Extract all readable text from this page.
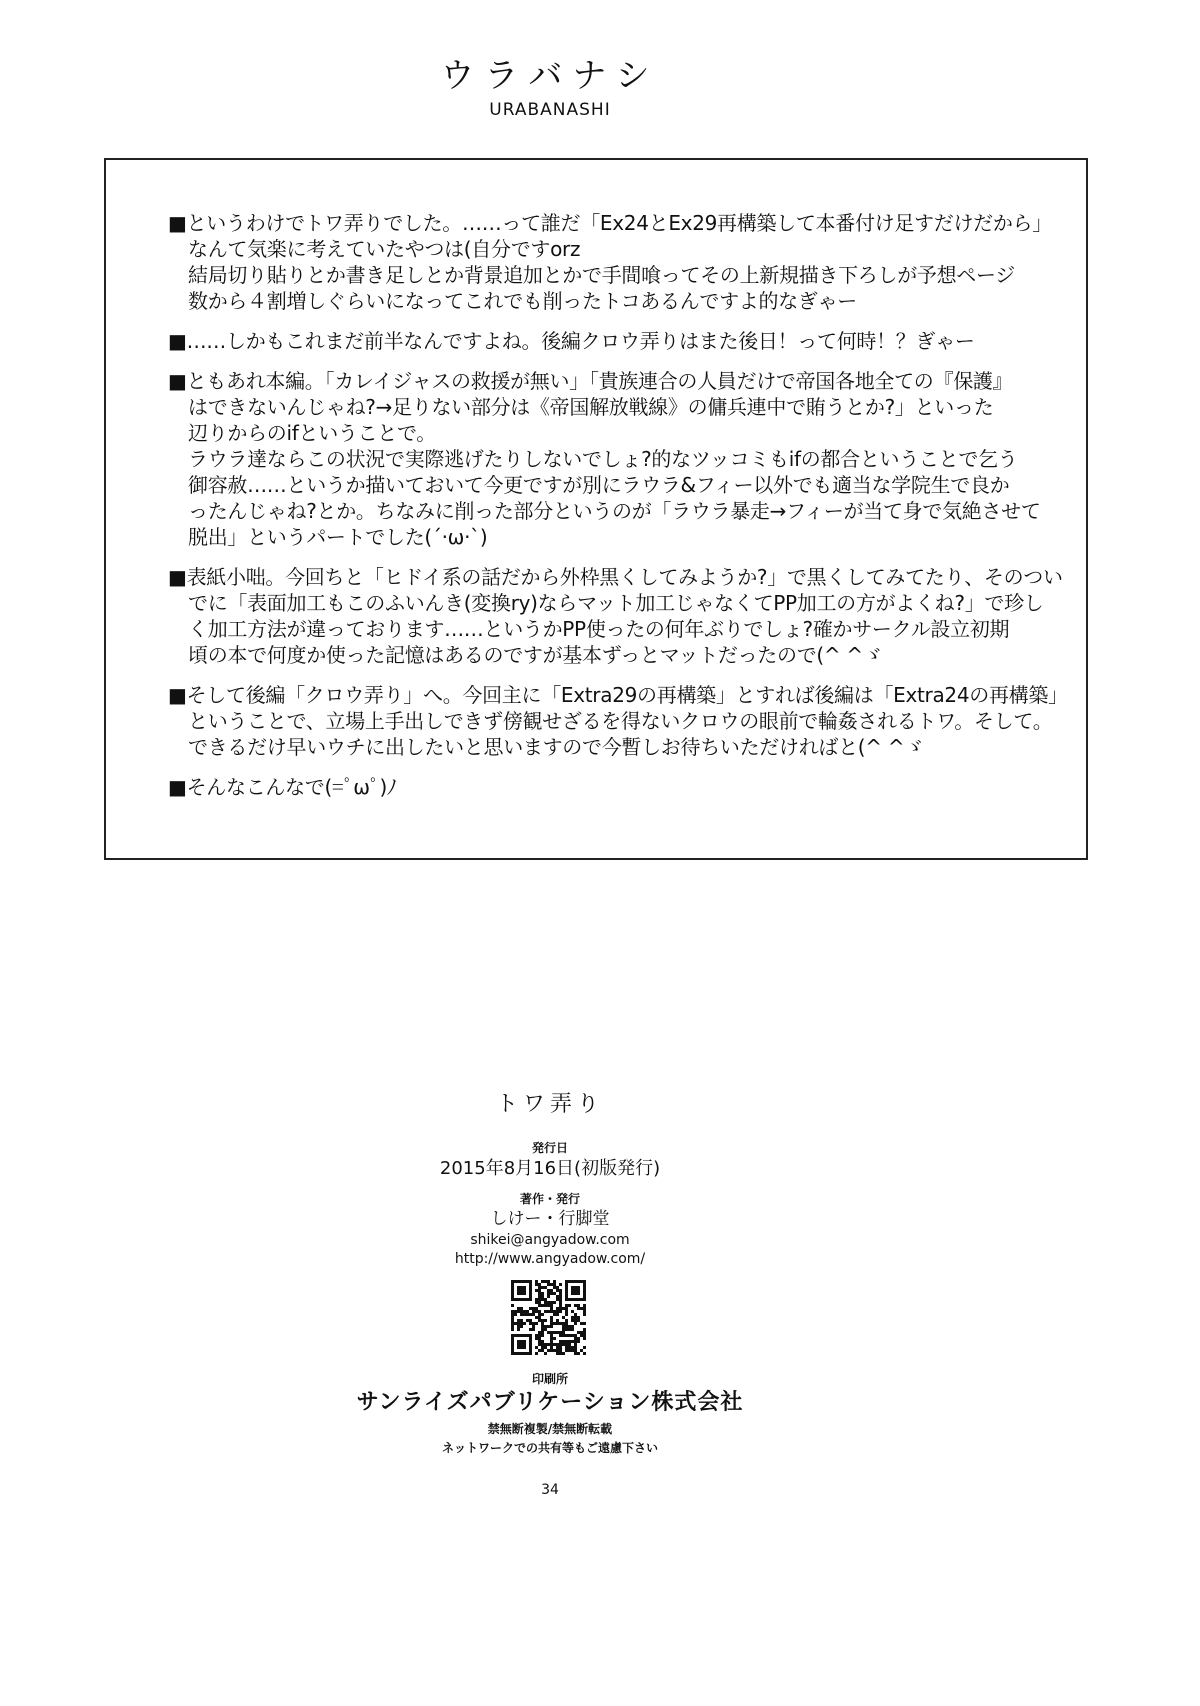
ウラバナシ
URABANASHI
■というわけでトワ弄りでした。……って誰だ「Ex24とEx29再構築して本番付け足すだけだから」
なんて気楽に考えていたやつは(自分ですorz
結局切り貼りとか書き足しとか背景追加とかで手間喰ってその上新規描き下ろしが予想ページ
数から４割増しぐらいになってこれでも削ったトコあるんですよ的なぎゃー
■……しかもこれまだ前半なんですよね。後編クロウ弄りはまた後日！って何時！？ぎゃー
■ともあれ本編。「カレイジャスの救援が無い」「貴族連合の人員だけで帝国各地全ての『保護』
はできないんじゃね?→足りない部分は《帝国解放戦線》の傭兵連中で賄うとか?」といった
辺りからのifということで。
ラウラ達ならこの状況で実際逃げたりしないでしょ?的なツッコミもifの都合ということで乞う
御容赦……というか描いておいて今更ですが別にラウラ&フィー以外でも適当な学院生で良か
ったんじゃね?とか。ちなみに削った部分というのが「ラウラ暴走→フィーが当て身で気絶させて
脱出」というパートでした(´·ω·`)
■表紙小咄。今回ちと「ヒドイ系の話だから外枠黒くしてみようか?」で黒くしてみてたり、そのつい
でに「表面加工もこのふいんき(変換ry)ならマット加工じゃなくてPP加工の方がよくね?」で珍し
く加工方法が違っております……というかPP使ったの何年ぶりでしょ?確かサークル設立初期
頃の本で何度か使った記憶はあるのですが基本ずっとマットだったので(^ ^ゞ
■そして後編「クロウ弄り」へ。今回主に「Extra29の再構築」とすれば後編は「Extra24の再構築」
ということで、立場上手出しできず傍観せざるを得ないクロウの眼前で輪姦されるトワ。そして。
できるだけ早いウチに出したいと思いますので今暫しお待ちいただければと(^ ^ゞ
■そんなこんなで(=ﾟωﾟ)ﾉ
トワ弄り
発行日
2015年8月16日(初版発行)
著作・発行
しけー・行脚堂
shikei@angyadow.com
http://www.angyadow.com/
印刷所
サンライズパブリケーション株式会社
禁無断複製/禁無断転載
ネットワークでの共有等もご遠慮下さい
34
